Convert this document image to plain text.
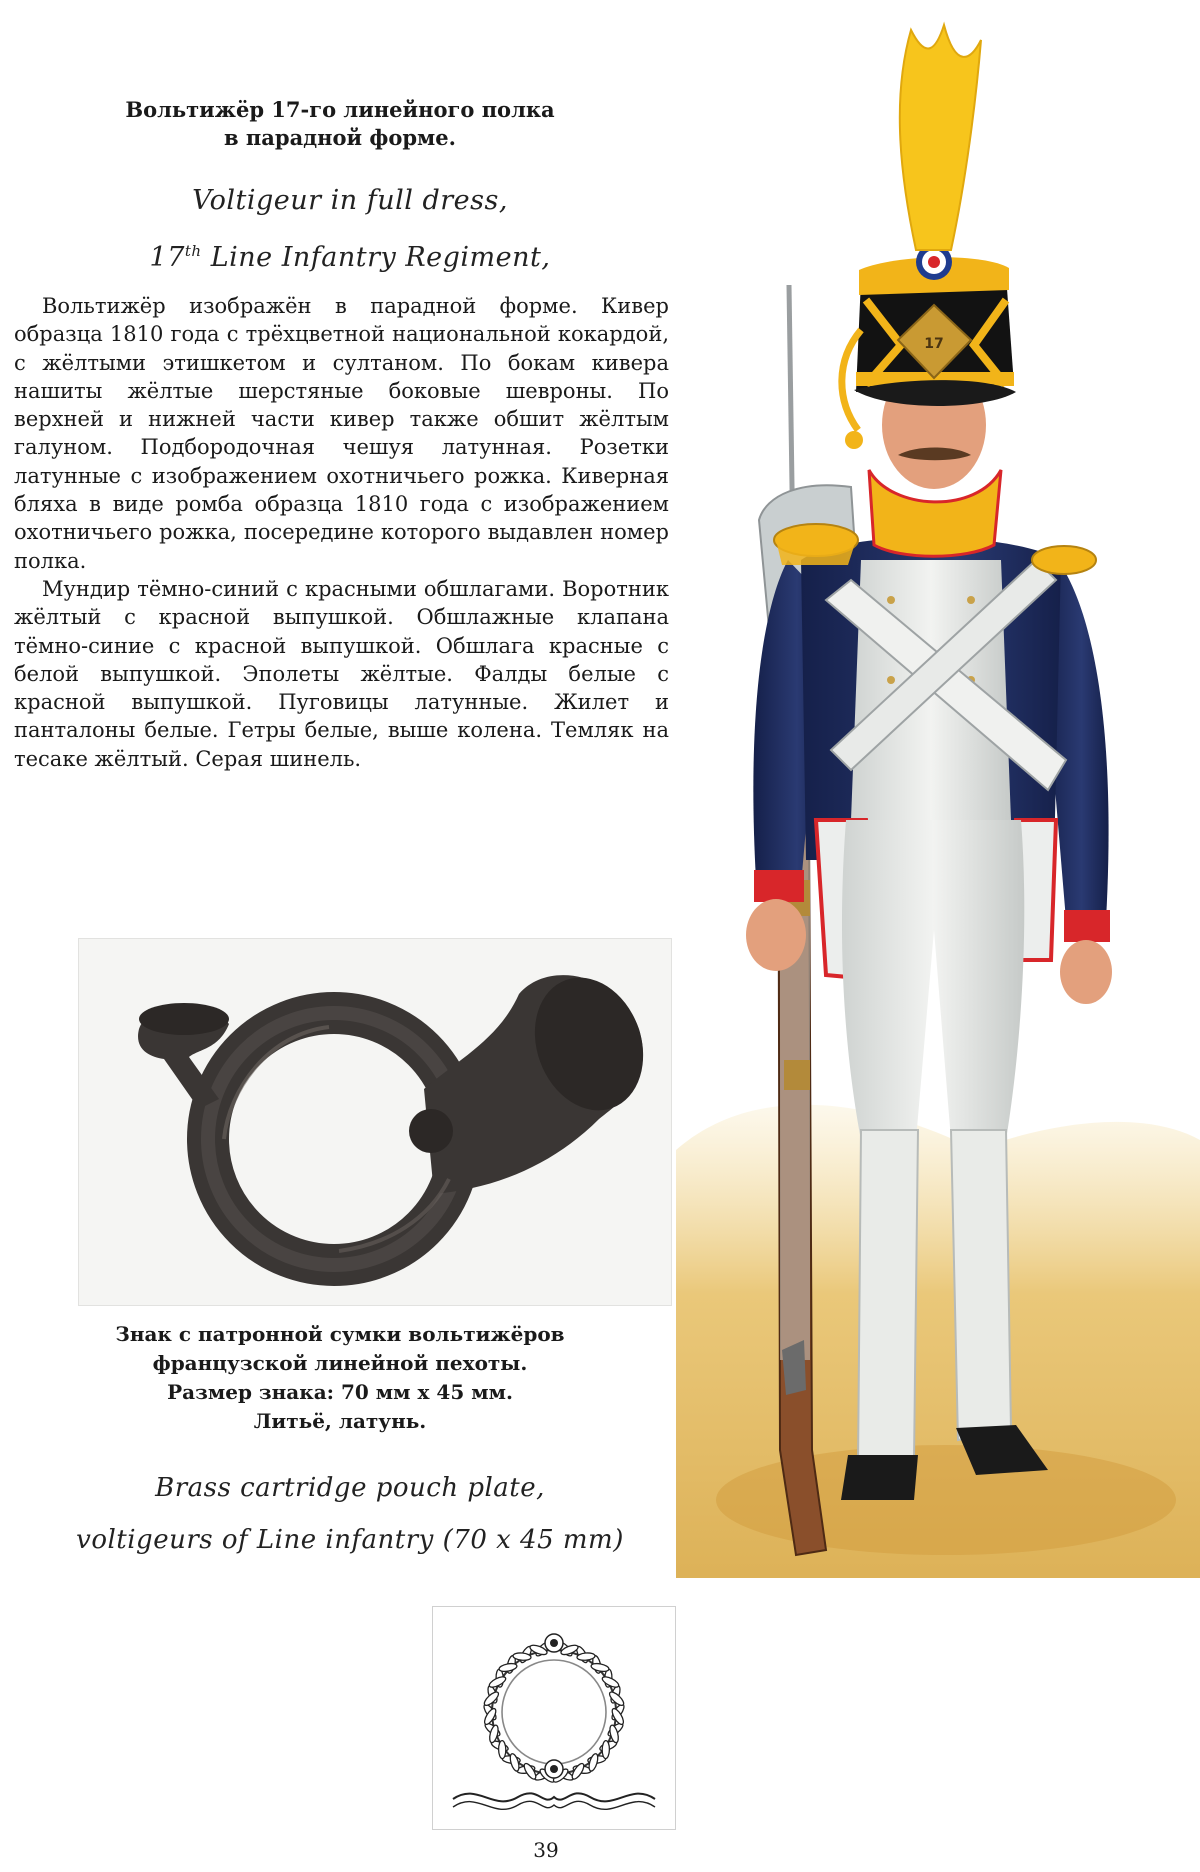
Вольтижёр 17-го линейного полка
в парадной форме.
Voltigeur in full dress,
17th Line Infantry Regiment,

Вольтижёр изображён в парадной форме. Кивер образца 1810 года с трёхцветной национальной кокардой, с жёлтыми этишкетом и султаном. По бокам кивера нашиты жёлтые шерстяные боковые шевроны. По верхней и нижней части кивер также обшит жёлтым галуном. Подбородочная чешуя латунная. Розетки латунные с изображением охотничьего рожка. Киверная бляха в виде ромба образца 1810 года с изображением охотничьего рожка, посередине которого выдавлен номер полка.

Мундир тёмно-синий с красными обшлагами. Воротник жёлтый с красной выпушкой. Обшлажные клапана тёмно-синие с красной выпушкой. Обшлага красные с белой выпушкой. Эполеты жёлтые. Фалды белые с красной выпушкой. Пуговицы латунные. Жилет и панталоны белые. Гетры белые, выше колена. Темляк на тесаке жёлтый. Серая шинель.

17
Знак с патронной сумки вольтижёров
французской линейной пехоты.
Размер знака: 70 мм х 45 мм.
Литьё, латунь.
Brass cartridge pouch plate,
voltigeurs of Line infantry (70 x 45 mm)
39
